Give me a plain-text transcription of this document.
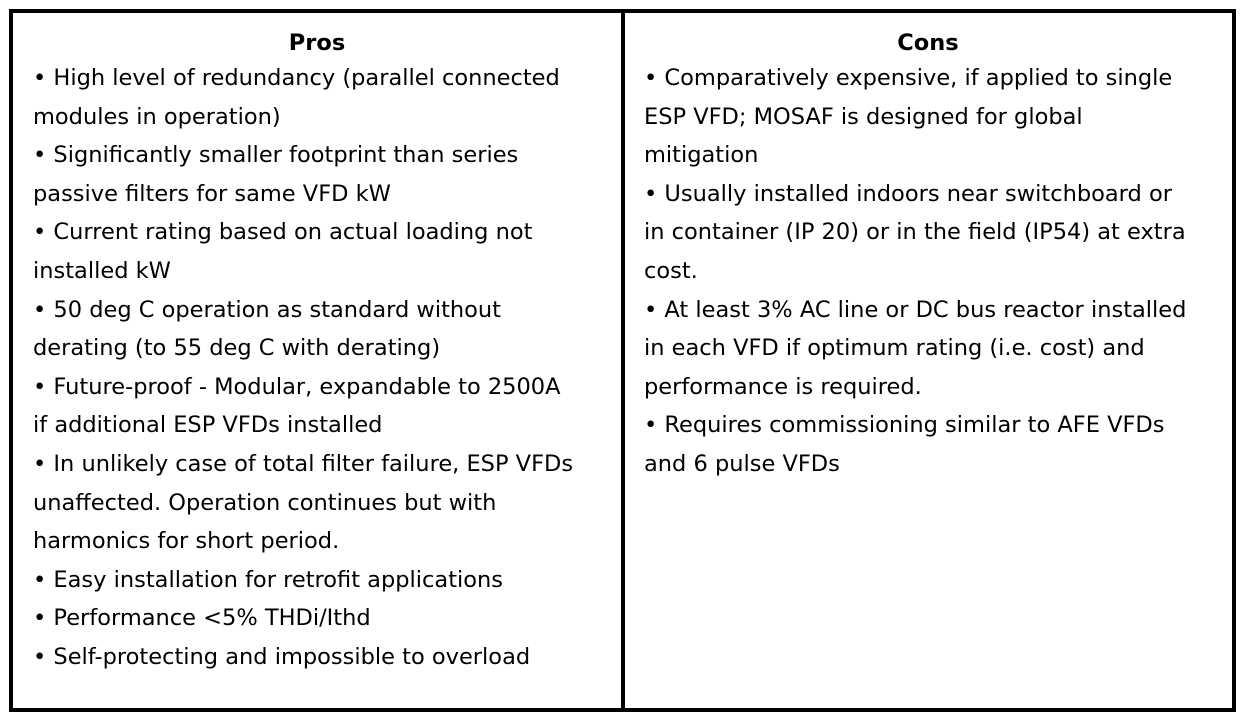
Pros
• High level of redundancy (parallel connected
modules in operation)
• Significantly smaller footprint than series
passive filters for same VFD kW
• Current rating based on actual loading not
installed kW
• 50 deg C operation as standard without
derating (to 55 deg C with derating)
• Future-proof - Modular, expandable to 2500A
if additional ESP VFDs installed
• In unlikely case of total filter failure, ESP VFDs
unaffected. Operation continues but with
harmonics for short period.
• Easy installation for retrofit applications
• Performance <5% THDi/Ithd
• Self-protecting and impossible to overload
Cons
• Comparatively expensive, if applied to single
ESP VFD; MOSAF is designed for global
mitigation
• Usually installed indoors near switchboard or
in container (IP 20) or in the field (IP54) at extra
cost.
• At least 3% AC line or DC bus reactor installed
in each VFD if optimum rating (i.e. cost) and
performance is required.
• Requires commissioning similar to AFE VFDs
and 6 pulse VFDs
